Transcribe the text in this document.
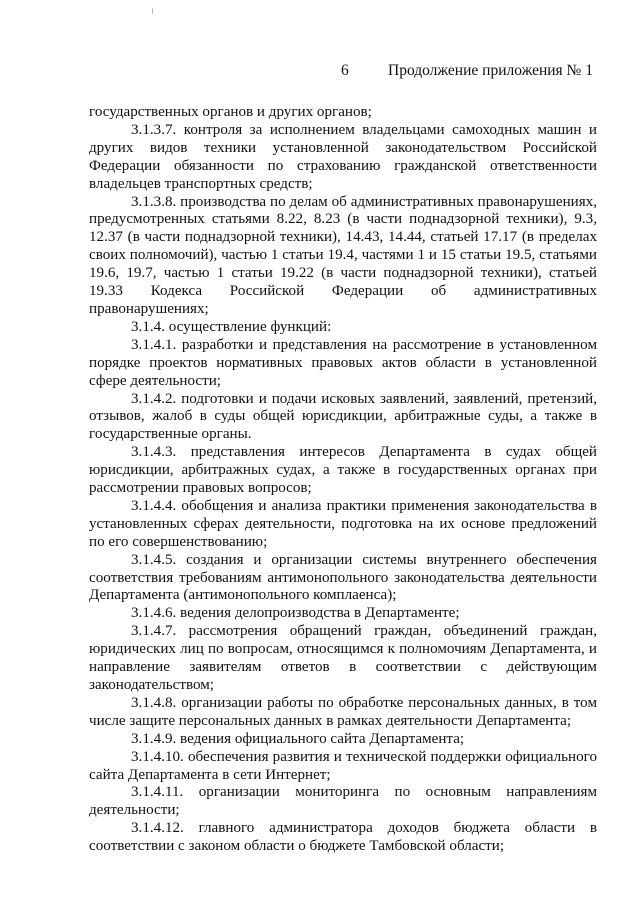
6	Продолжение приложения № 1

государственных органов и других органов;

3.1.3.7. контроля за исполнением владельцами самоходных машин и других видов техники установленной законодательством Российской Федерации обязанности по страхованию гражданской ответственности владельцев транспортных средств;

3.1.3.8. производства по делам об административных правонарушениях, предусмотренных статьями 8.22, 8.23 (в части поднадзорной техники), 9.3, 12.37 (в части поднадзорной техники), 14.43, 14.44, статьей 17.17 (в пределах своих полномочий), частью 1 статьи 19.4, частями 1 и 15 статьи 19.5, статьями 19.6, 19.7, частью 1 статьи 19.22 (в части поднадзорной техники), статьей 19.33 Кодекса Российской Федерации об административных правонарушениях;

3.1.4. осуществление функций:

3.1.4.1. разработки и представления на рассмотрение в установленном порядке проектов нормативных правовых актов области в установленной сфере деятельности;

3.1.4.2. подготовки и подачи исковых заявлений, заявлений, претензий, отзывов, жалоб в суды общей юрисдикции, арбитражные суды, а также в государственные органы.

3.1.4.3. представления интересов Департамента в судах общей юрисдикции, арбитражных судах, а также в государственных органах при рассмотрении правовых вопросов;

3.1.4.4. обобщения и анализа практики применения законодательства в установленных сферах деятельности, подготовка на их основе предложений по его совершенствованию;

3.1.4.5. создания и организации системы внутреннего обеспечения соответствия требованиям антимонопольного законодательства деятельности Департамента (антимонопольного комплаенса);

3.1.4.6. ведения делопроизводства в Департаменте;

3.1.4.7. рассмотрения обращений граждан, объединений граждан, юридических лиц по вопросам, относящимся к полномочиям Департамента, и направление заявителям ответов в соответствии с действующим законодательством;

3.1.4.8. организации работы по обработке персональных данных, в том числе защите персональных данных в рамках деятельности Департамента;

3.1.4.9. ведения официального сайта Департамента;

3.1.4.10. обеспечения развития и технической поддержки официального сайта Департамента в сети Интернет;

3.1.4.11. организации мониторинга по основным направлениям деятельности;

3.1.4.12. главного администратора доходов бюджета области в соответствии с законом области о бюджете Тамбовской области;
